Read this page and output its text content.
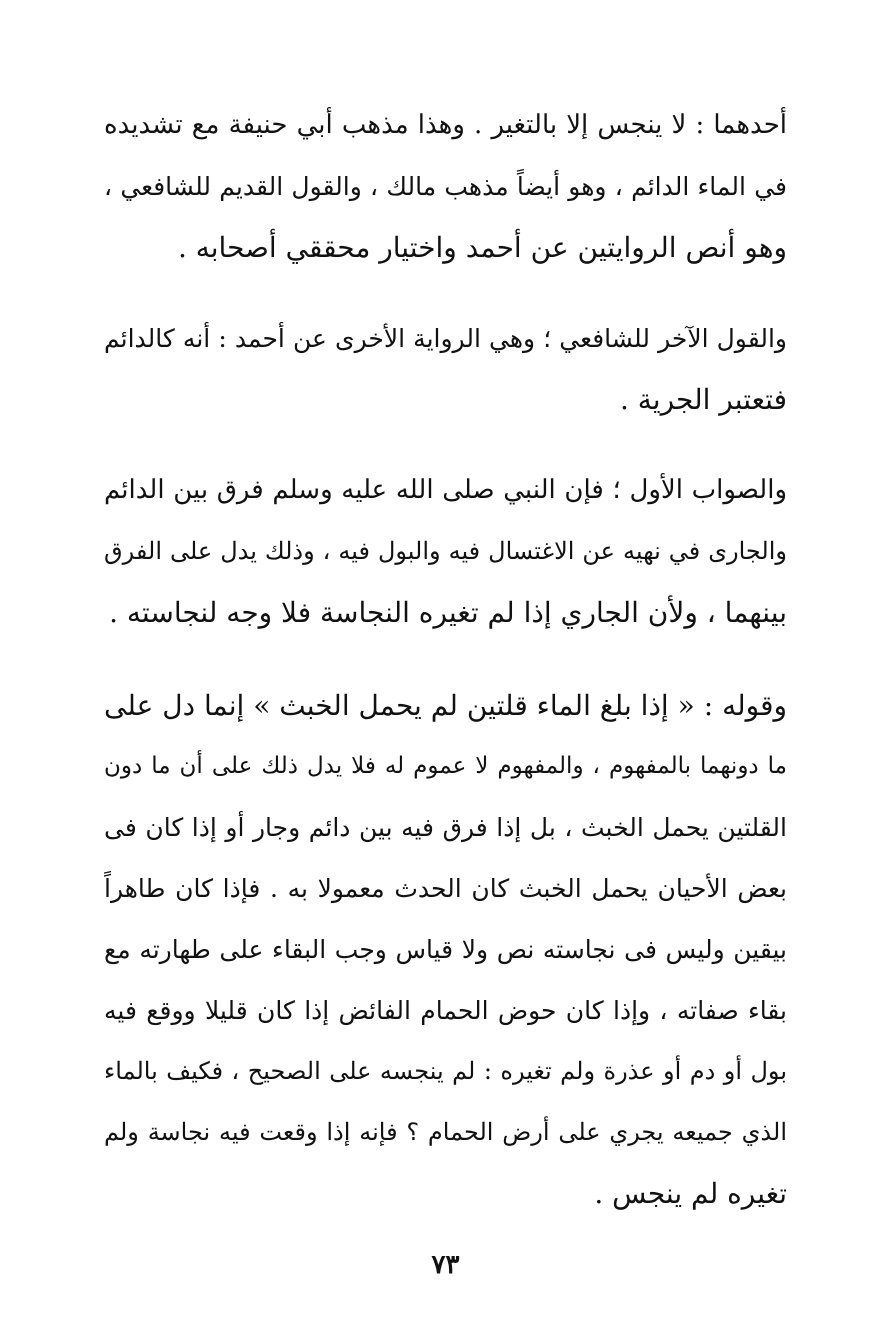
أحدهما : لا ينجس إلا بالتغير . وهذا مذهب أبي حنيفة مع تشديده
في الماء الدائم ، وهو أيضاً مذهب مالك ، والقول القديم للشافعي ،
وهو أنص الروايتين عن أحمد واختيار محققي أصحابه .
والقول الآخر للشافعي ؛ وهي الرواية الأخرى عن أحمد : أنه كالدائم
فتعتبر الجرية .
والصواب الأول ؛ فإن النبي صلى الله عليه وسلم فرق بين الدائم
والجارى في نهيه عن الاغتسال فيه والبول فيه ، وذلك يدل على الفرق
بينهما ، ولأن الجاري إذا لم تغيره النجاسة فلا وجه لنجاسته .
وقوله : « إذا بلغ الماء قلتين لم يحمل الخبث » إنما دل على
ما دونهما بالمفهوم ، والمفهوم لا عموم له فلا يدل ذلك على أن ما دون
القلتين يحمل الخبث ، بل إذا فرق فيه بين دائم وجار أو إذا كان فى
بعض الأحيان يحمل الخبث كان الحدث معمولا به . فإذا كان طاهراً
بيقين وليس فى نجاسته نص ولا قياس وجب البقاء على طهارته مع
بقاء صفاته ، وإذا كان حوض الحمام الفائض إذا كان قليلا ووقع فيه
بول أو دم أو عذرة ولم تغيره : لم ينجسه على الصحيح ، فكيف بالماء
الذي جميعه يجري على أرض الحمام ؟ فإنه إذا وقعت فيه نجاسة ولم
تغيره لم ينجس .
٧٣
